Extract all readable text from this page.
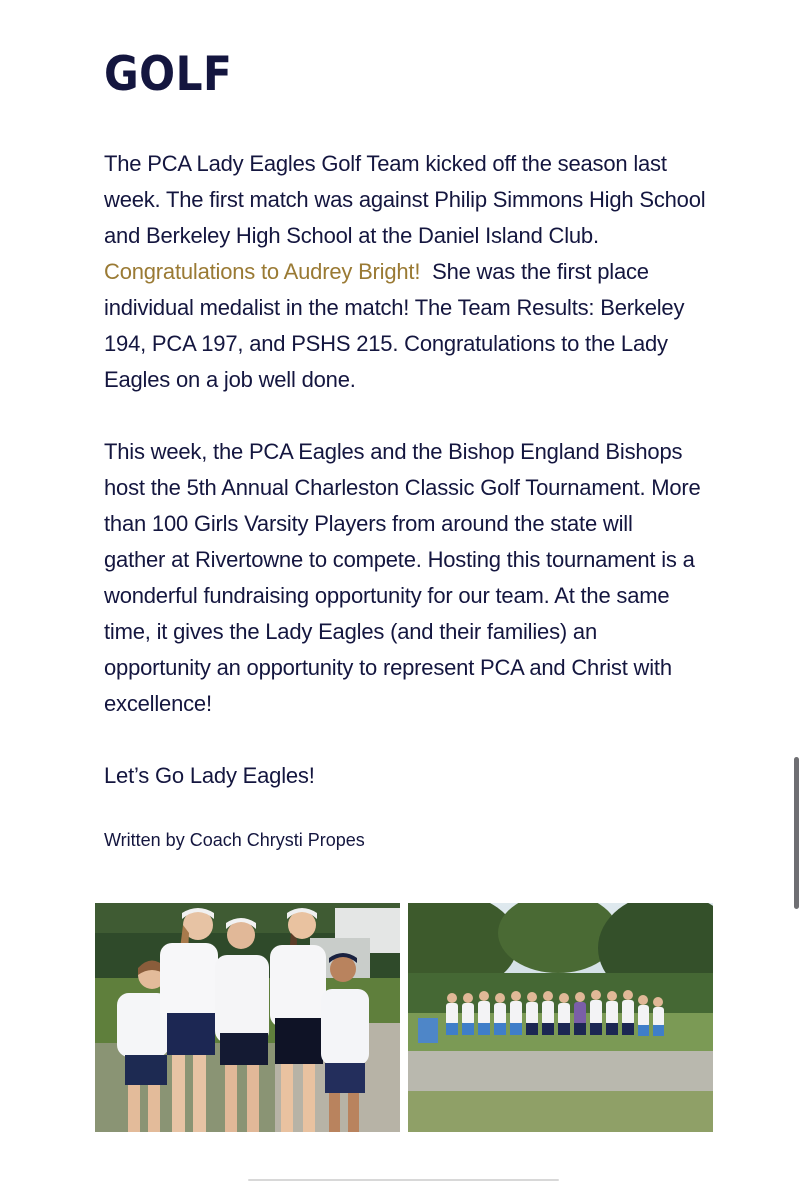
GOLF
The PCA Lady Eagles Golf Team kicked off the season last
week. The first match was against Philip Simmons High School
and Berkeley High School at the Daniel Island Club.
Congratulations to Audrey Bright!  She was the first place
individual medalist in the match! The Team Results: Berkeley
194, PCA 197, and PSHS 215. Congratulations to the Lady
Eagles on a job well done.
This week, the PCA Eagles and the Bishop England Bishops
host the 5th Annual Charleston Classic Golf Tournament. More
than 100 Girls Varsity Players from around the state will
gather at Rivertowne to compete. Hosting this tournament is a
wonderful fundraising opportunity for our team. At the same
time, it gives the Lady Eagles (and their families) an
opportunity an opportunity to represent PCA and Christ with
excellence!
Let’s Go Lady Eagles!
Written by Coach Chrysti Propes
